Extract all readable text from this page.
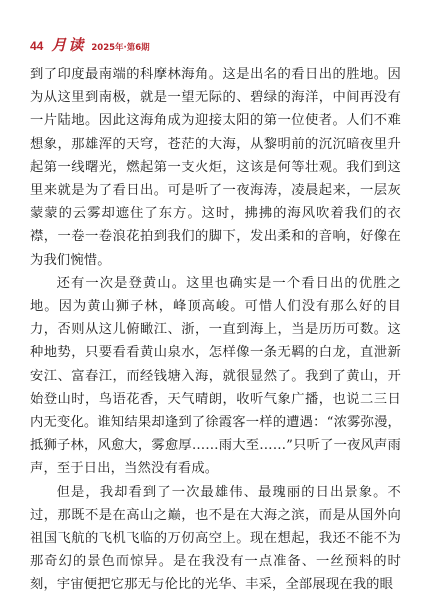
44 月读 2025年·第6期

到了印度最南端的科摩林海角。这是出名的看日出的胜地。因为从这里到南极，就是一望无际的、碧绿的海洋，中间再没有一片陆地。因此这海角成为迎接太阳的第一位使者。人们不难想象，那雄浑的天穹，苍茫的大海，从黎明前的沉沉暗夜里升起第一线曙光，燃起第一支火炬，这该是何等壮观。我们到这里来就是为了看日出。可是听了一夜海涛，凌晨起来，一层灰蒙蒙的云雾却遮住了东方。这时，拂拂的海风吹着我们的衣襟，一卷一卷浪花拍到我们的脚下，发出柔和的音响，好像在为我们惋惜。

还有一次是登黄山。这里也确实是一个看日出的优胜之地。因为黄山狮子林，峰顶高峻。可惜人们没有那么好的目力，否则从这儿俯瞰江、浙，一直到海上，当是历历可数。这种地势，只要看看黄山泉水，怎样像一条无羁的白龙，直泄新安江、富春江，而经钱塘入海，就很显然了。我到了黄山，开始登山时，鸟语花香，天气晴朗，收听气象广播，也说二三日内无变化。谁知结果却逢到了徐霞客一样的遭遇：“浓雾弥漫，抵狮子林，风愈大，雾愈厚……雨大至……”只听了一夜风声雨声，至于日出，当然没有看成。

但是，我却看到了一次最雄伟、最瑰丽的日出景象。不过，那既不是在高山之巅，也不是在大海之滨，而是从国外向祖国飞航的飞机飞临的万仞高空上。现在想起，我还不能不为那奇幻的景色而惊异。是在我没有一点准备、一丝预料的时刻，宇宙便把它那无与伦比的光华、丰采，全部展现在我的眼
